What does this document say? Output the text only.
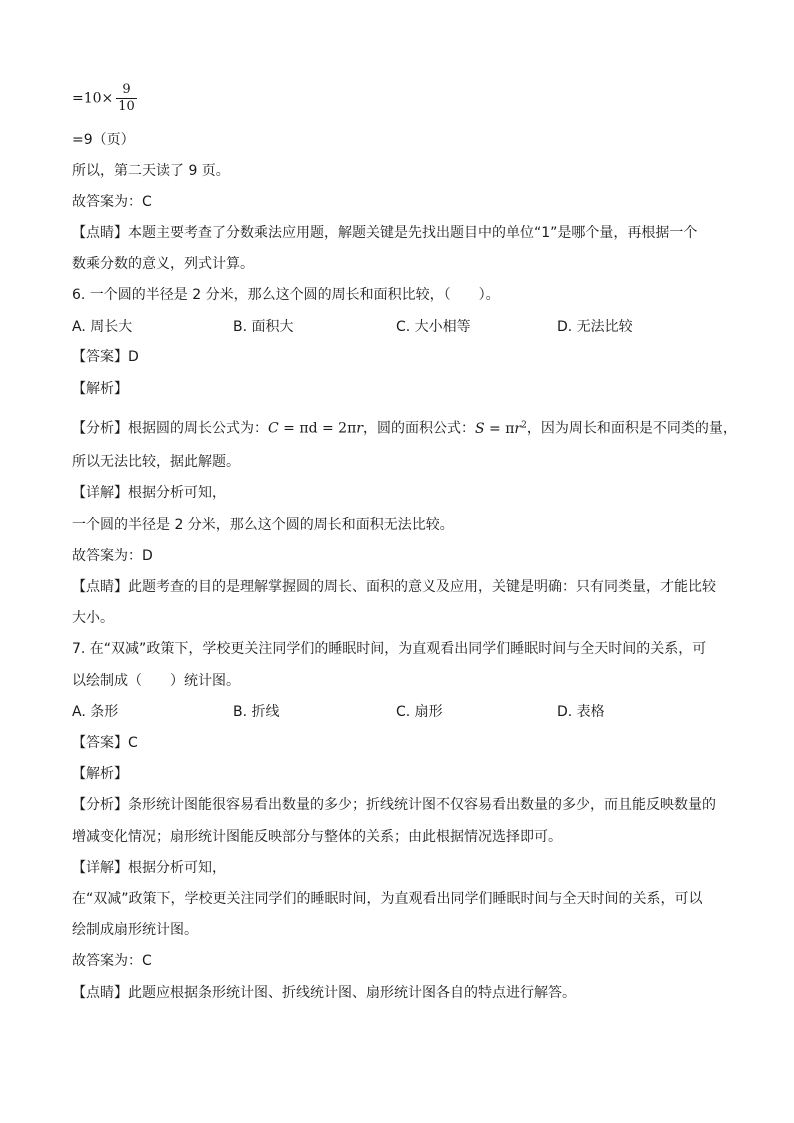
$=10\times \frac{9}{10}$
=9（页）
所以，第二天读了 9 页。
故答案为：C
【点睛】本题主要考查了分数乘法应用题，解题关键是先找出题目中的单位“1”是哪个量，再根据一个
数乘分数的意义，列式计算。
6. 一个圆的半径是 2 分米，那么这个圆的周长和面积比较，（　　）。
A. 周长大	B. 面积大	C. 大小相等	D. 无法比较
【答案】D
【解析】
【分析】根据圆的周长公式为：C = πd = 2πr，圆的面积公式：$S = \pi r^2$，因为周长和面积是不同类的量，
所以无法比较，据此解题。
【详解】根据分析可知，
一个圆的半径是 2 分米，那么这个圆的周长和面积无法比较。
故答案为：D
【点睛】此题考查的目的是理解掌握圆的周长、面积的意义及应用，关键是明确：只有同类量，才能比较
大小。
7. 在“双减”政策下，学校更关注同学们的睡眠时间，为直观看出同学们睡眠时间与全天时间的关系，可
以绘制成（　　）统计图。
A. 条形	B. 折线	C. 扇形	D. 表格
【答案】C
【解析】
【分析】条形统计图能很容易看出数量的多少；折线统计图不仅容易看出数量的多少，而且能反映数量的
增减变化情况；扇形统计图能反映部分与整体的关系；由此根据情况选择即可。
【详解】根据分析可知，
在“双减”政策下，学校更关注同学们的睡眠时间，为直观看出同学们睡眠时间与全天时间的关系，可以
绘制成扇形统计图。
故答案为：C
【点睛】此题应根据条形统计图、折线统计图、扇形统计图各自的特点进行解答。
